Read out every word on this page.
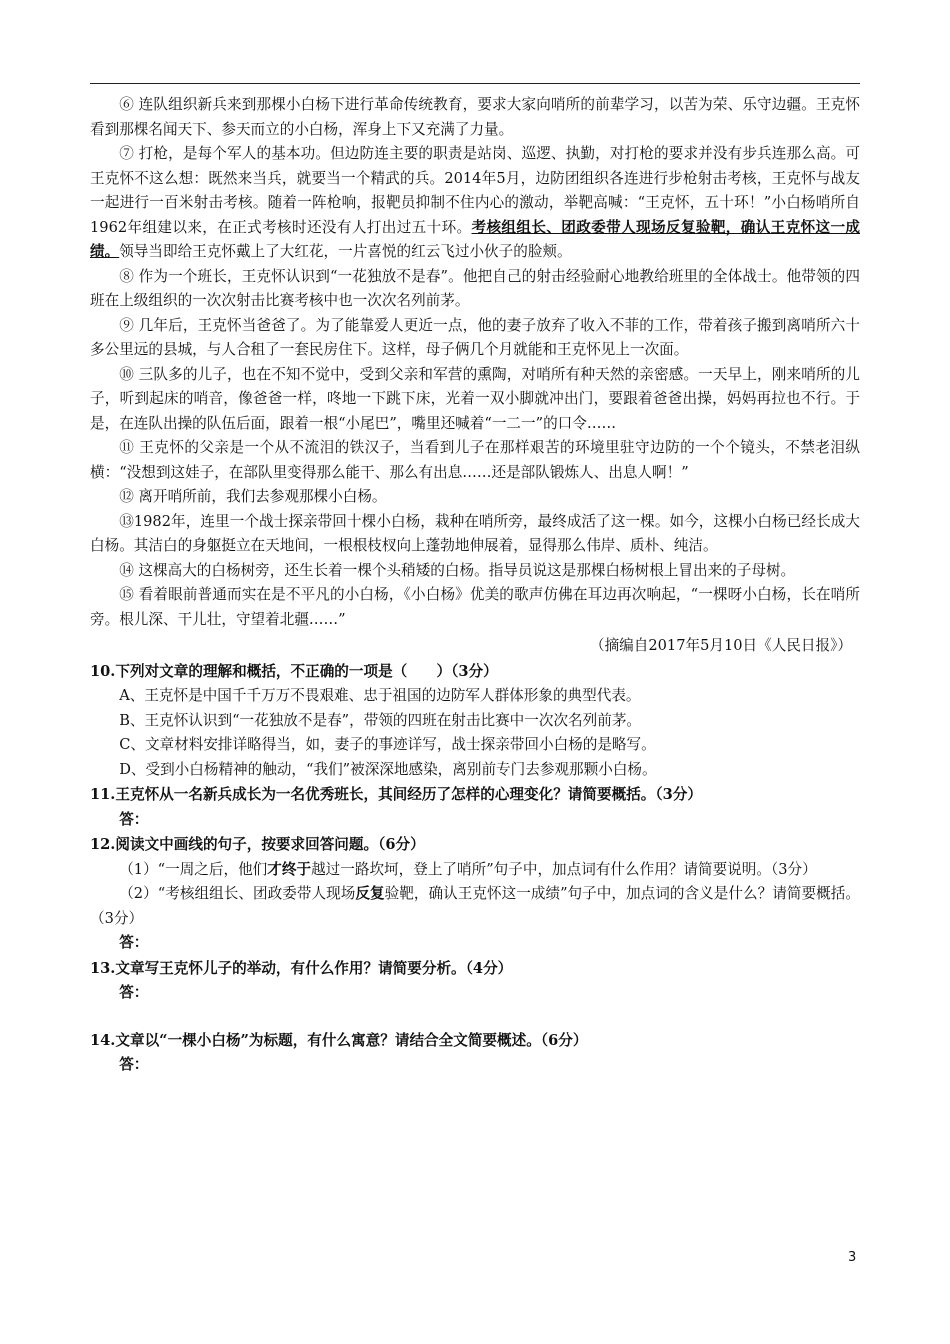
⑥ 连队组织新兵来到那棵小白杨下进行革命传统教育，要求大家向哨所的前辈学习，以苦为荣、乐守边疆。王克怀看到那棵名闻天下、参天而立的小白杨，浑身上下又充满了力量。

⑦ 打枪，是每个军人的基本功。但边防连主要的职责是站岗、巡逻、执勤，对打枪的要求并没有步兵连那么高。可王克怀不这么想：既然来当兵，就要当一个精武的兵。2014年5月，边防团组织各连进行步枪射击考核，王克怀与战友一起进行一百米射击考核。随着一阵枪响，报靶员抑制不住内心的激动，举靶高喊：“王克怀，五十环！”小白杨哨所自1962年组建以来，在正式考核时还没有人打出过五十环。考核组组长、团政委带人现场反复验靶，确认王克怀这一成绩。领导当即给王克怀戴上了大红花，一片喜悦的红云飞过小伙子的脸颊。

⑧ 作为一个班长，王克怀认识到“一花独放不是春”。他把自己的射击经验耐心地教给班里的全体战士。他带领的四班在上级组织的一次次射击比赛考核中也一次次名列前茅。

⑨ 几年后，王克怀当爸爸了。为了能靠爱人更近一点，他的妻子放弃了收入不菲的工作，带着孩子搬到离哨所六十多公里远的县城，与人合租了一套民房住下。这样，母子俩几个月就能和王克怀见上一次面。

⑩ 三队多的儿子，也在不知不觉中，受到父亲和军营的熏陶，对哨所有种天然的亲密感。一天早上，刚来哨所的儿子，听到起床的哨音，像爸爸一样，咚地一下跳下床，光着一双小脚就冲出门，要跟着爸爸出操，妈妈再拉也不行。于是，在连队出操的队伍后面，跟着一根“小尾巴”，嘴里还喊着“一二一”的口令……

⑪ 王克怀的父亲是一个从不流泪的铁汉子，当看到儿子在那样艰苦的环境里驻守边防的一个个镜头，不禁老泪纵横：“没想到这娃子，在部队里变得那么能干、那么有出息……还是部队锻炼人、出息人啊！”

⑫ 离开哨所前，我们去参观那棵小白杨。

⑬1982年，连里一个战士探亲带回十棵小白杨，栽种在哨所旁，最终成活了这一棵。如今，这棵小白杨已经长成大白杨。其洁白的身躯挺立在天地间，一根根枝杈向上蓬勃地伸展着，显得那么伟岸、质朴、纯洁。

⑭ 这棵高大的白杨树旁，还生长着一棵个头稍矮的白杨。指导员说这是那棵白杨树根上冒出来的子母树。

⑮ 看着眼前普通而实在是不平凡的小白杨，《小白杨》优美的歌声仿佛在耳边再次响起，“一棵呀小白杨，长在哨所旁。根儿深、干儿壮，守望着北疆……”

（摘编自2017年5月10日《人民日报》）

10.下列对文章的理解和概括，不正确的一项是（　　）（3分）

A、王克怀是中国千千万万不畏艰难、忠于祖国的边防军人群体形象的典型代表。

B、王克怀认识到“一花独放不是春”，带领的四班在射击比赛中一次次名列前茅。

C、文章材料安排详略得当，如，妻子的事迹详写，战士探亲带回小白杨的是略写。

D、受到小白杨精神的触动，“我们”被深深地感染，离别前专门去参观那颗小白杨。

11.王克怀从一名新兵成长为一名优秀班长，其间经历了怎样的心理变化？请简要概括。（3分）

答：

12.阅读文中画线的句子，按要求回答问题。（6分）

（1）“一周之后，他们才终于越过一路坎坷，登上了哨所”句子中，加点词有什么作用？请简要说明。（3分）

（2）“考核组组长、团政委带人现场反复验靶，确认王克怀这一成绩”句子中，加点词的含义是什么？请简要概括。（3分）

答：

13.文章写王克怀儿子的举动，有什么作用？请简要分析。（4分）

答：

14.文章以“一棵小白杨”为标题，有什么寓意？请结合全文简要概述。（6分）

答：

3
